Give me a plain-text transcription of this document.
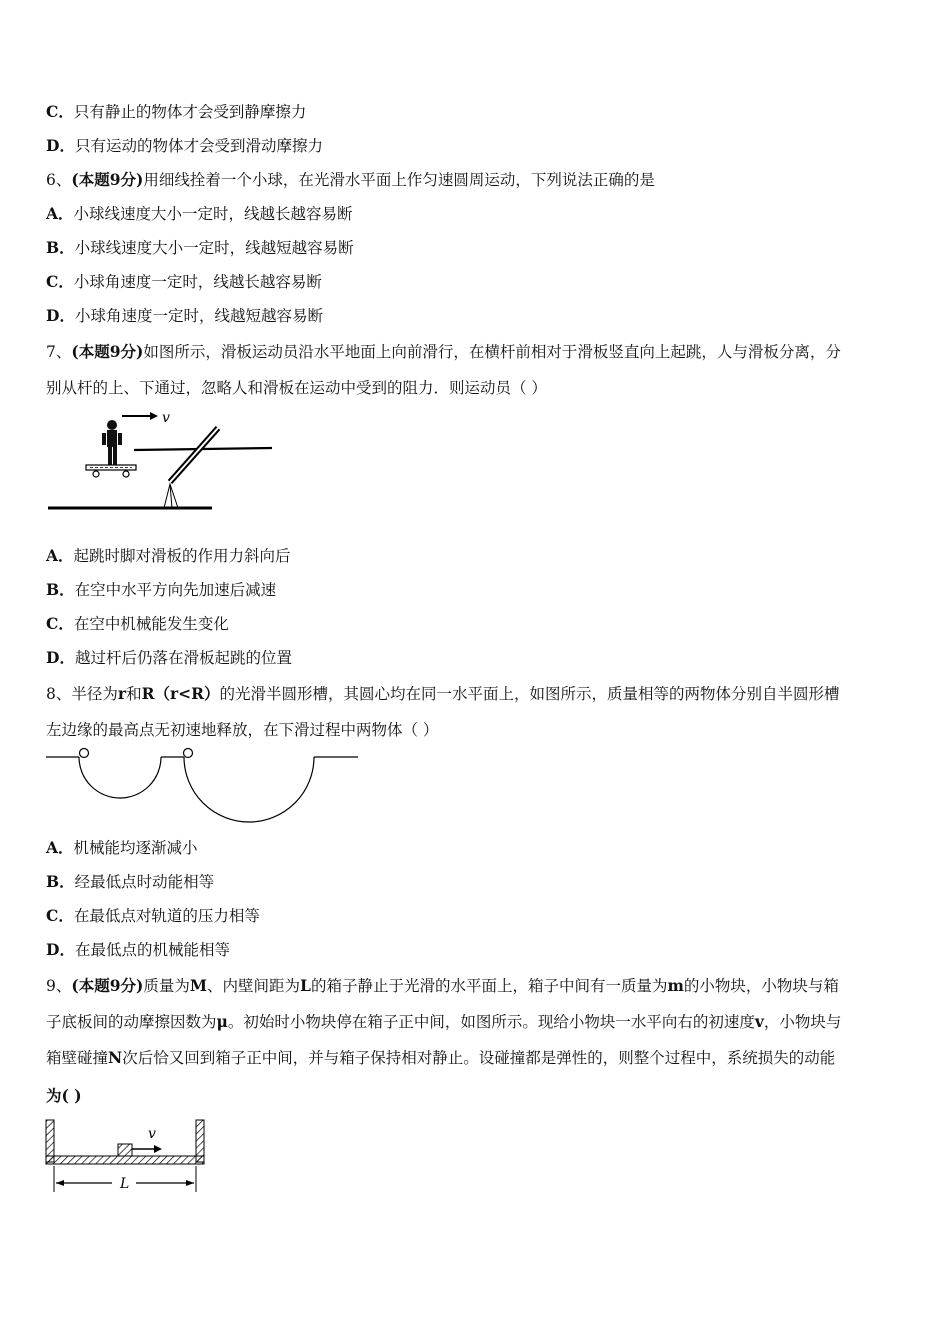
C．只有静止的物体才会受到静摩擦力
D．只有运动的物体才会受到滑动摩擦力
6、(本题9分)用细线拴着一个小球，在光滑水平面上作匀速圆周运动，下列说法正确的是
A．小球线速度大小一定时，线越长越容易断
B．小球线速度大小一定时，线越短越容易断
C．小球角速度一定时，线越长越容易断
D．小球角速度一定时，线越短越容易断
7、(本题9分)如图所示，滑板运动员沿水平地面上向前滑行，在横杆前相对于滑板竖直向上起跳，人与滑板分离，分
别从杆的上、下通过，忽略人和滑板在运动中受到的阻力．则运动员（ ）
v
A．起跳时脚对滑板的作用力斜向后
B．在空中水平方向先加速后减速
C．在空中机械能发生变化
D．越过杆后仍落在滑板起跳的位置
8、半径为r和R（r<R）的光滑半圆形槽，其圆心均在同一水平面上，如图所示，质量相等的两物体分别自半圆形槽
左边缘的最高点无初速地释放，在下滑过程中两物体（ ）
A．机械能均逐渐减小
B．经最低点时动能相等
C．在最低点对轨道的压力相等
D．在最低点的机械能相等
9、(本题9分)质量为M、内壁间距为L的箱子静止于光滑的水平面上，箱子中间有一质量为m的小物块，小物块与箱
子底板间的动摩擦因数为μ。初始时小物块停在箱子正中间，如图所示。现给小物块一水平向右的初速度v，小物块与
箱壁碰撞N次后恰又回到箱子正中间，并与箱子保持相对静止。设碰撞都是弹性的，则整个过程中，系统损失的动能
为( )
v
L
